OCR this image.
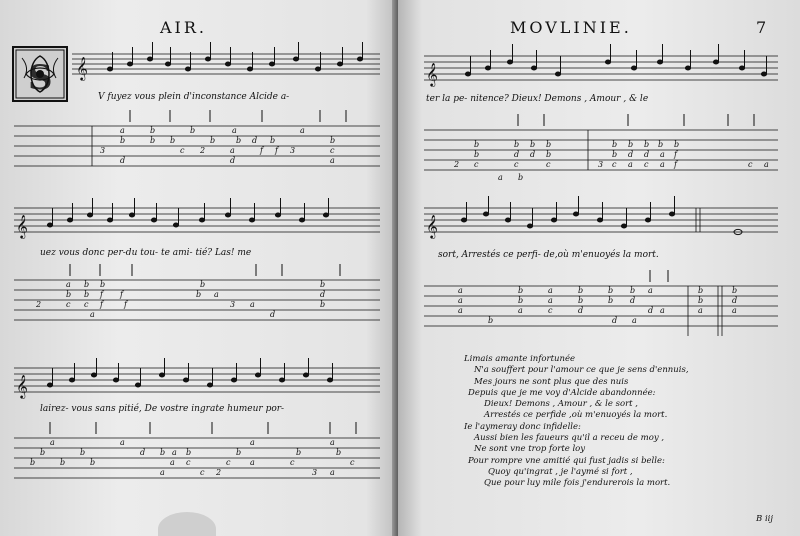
AIR.
S 𝄞
𝄞
𝄞
a	b	b	a	a
b	b b	b	b d b	b
3	c 2	a	f f 3	c
d	d	a
a b b	b	b
b b f f	b a	d
2	c c f	f	3 a	b
a	d
a	a	a	a
b	b	d b a b	b	b	b
b	b	b	a c	c a	c	c
a	c 2	3 a
V fuyez vous plein d'inconstance Alcide a-
uez vous donc per-du tou- te ami- tié? Las! me
lairez- vous sans pitié, De vostre ingrate humeur por-
MOVLINIE.	7
𝄞
𝄞
b	b b b	b b b b b
b	d d b	b d d a f
2 c	c	c	3 c a c a f
a b
c a
a	b	a	b	b b a	b	b
a	b	a	b	b d	b	d
a	a	c	d	d a	a	a
b	d a
ter la pe- nitence? Dieux! Demons , Amour , & le
sort, Arrestés ce perfi- de,où m'enuoyés la mort.
Limais amante infortunée
N'a souffert pour l'amour ce que je sens d'ennuis,
Mes jours ne sont plus que des nuis
Depuis que je me voy d'Alcide abandonnée:
Dieux! Demons , Amour , & le sort ,
Arrestés ce perfide ,où m'enuoyés la mort.
Ie l'aymeray donc infidelle:
Aussi bien les faueurs qu'il a receu de moy ,
Ne sont vne trop forte loy
Pour rompre vne amitié qui fust jadis si belle:
Quoy qu'ingrat , je l'aymé si fort ,
Que pour luy mile fois j'endurerois la mort.
B iij
